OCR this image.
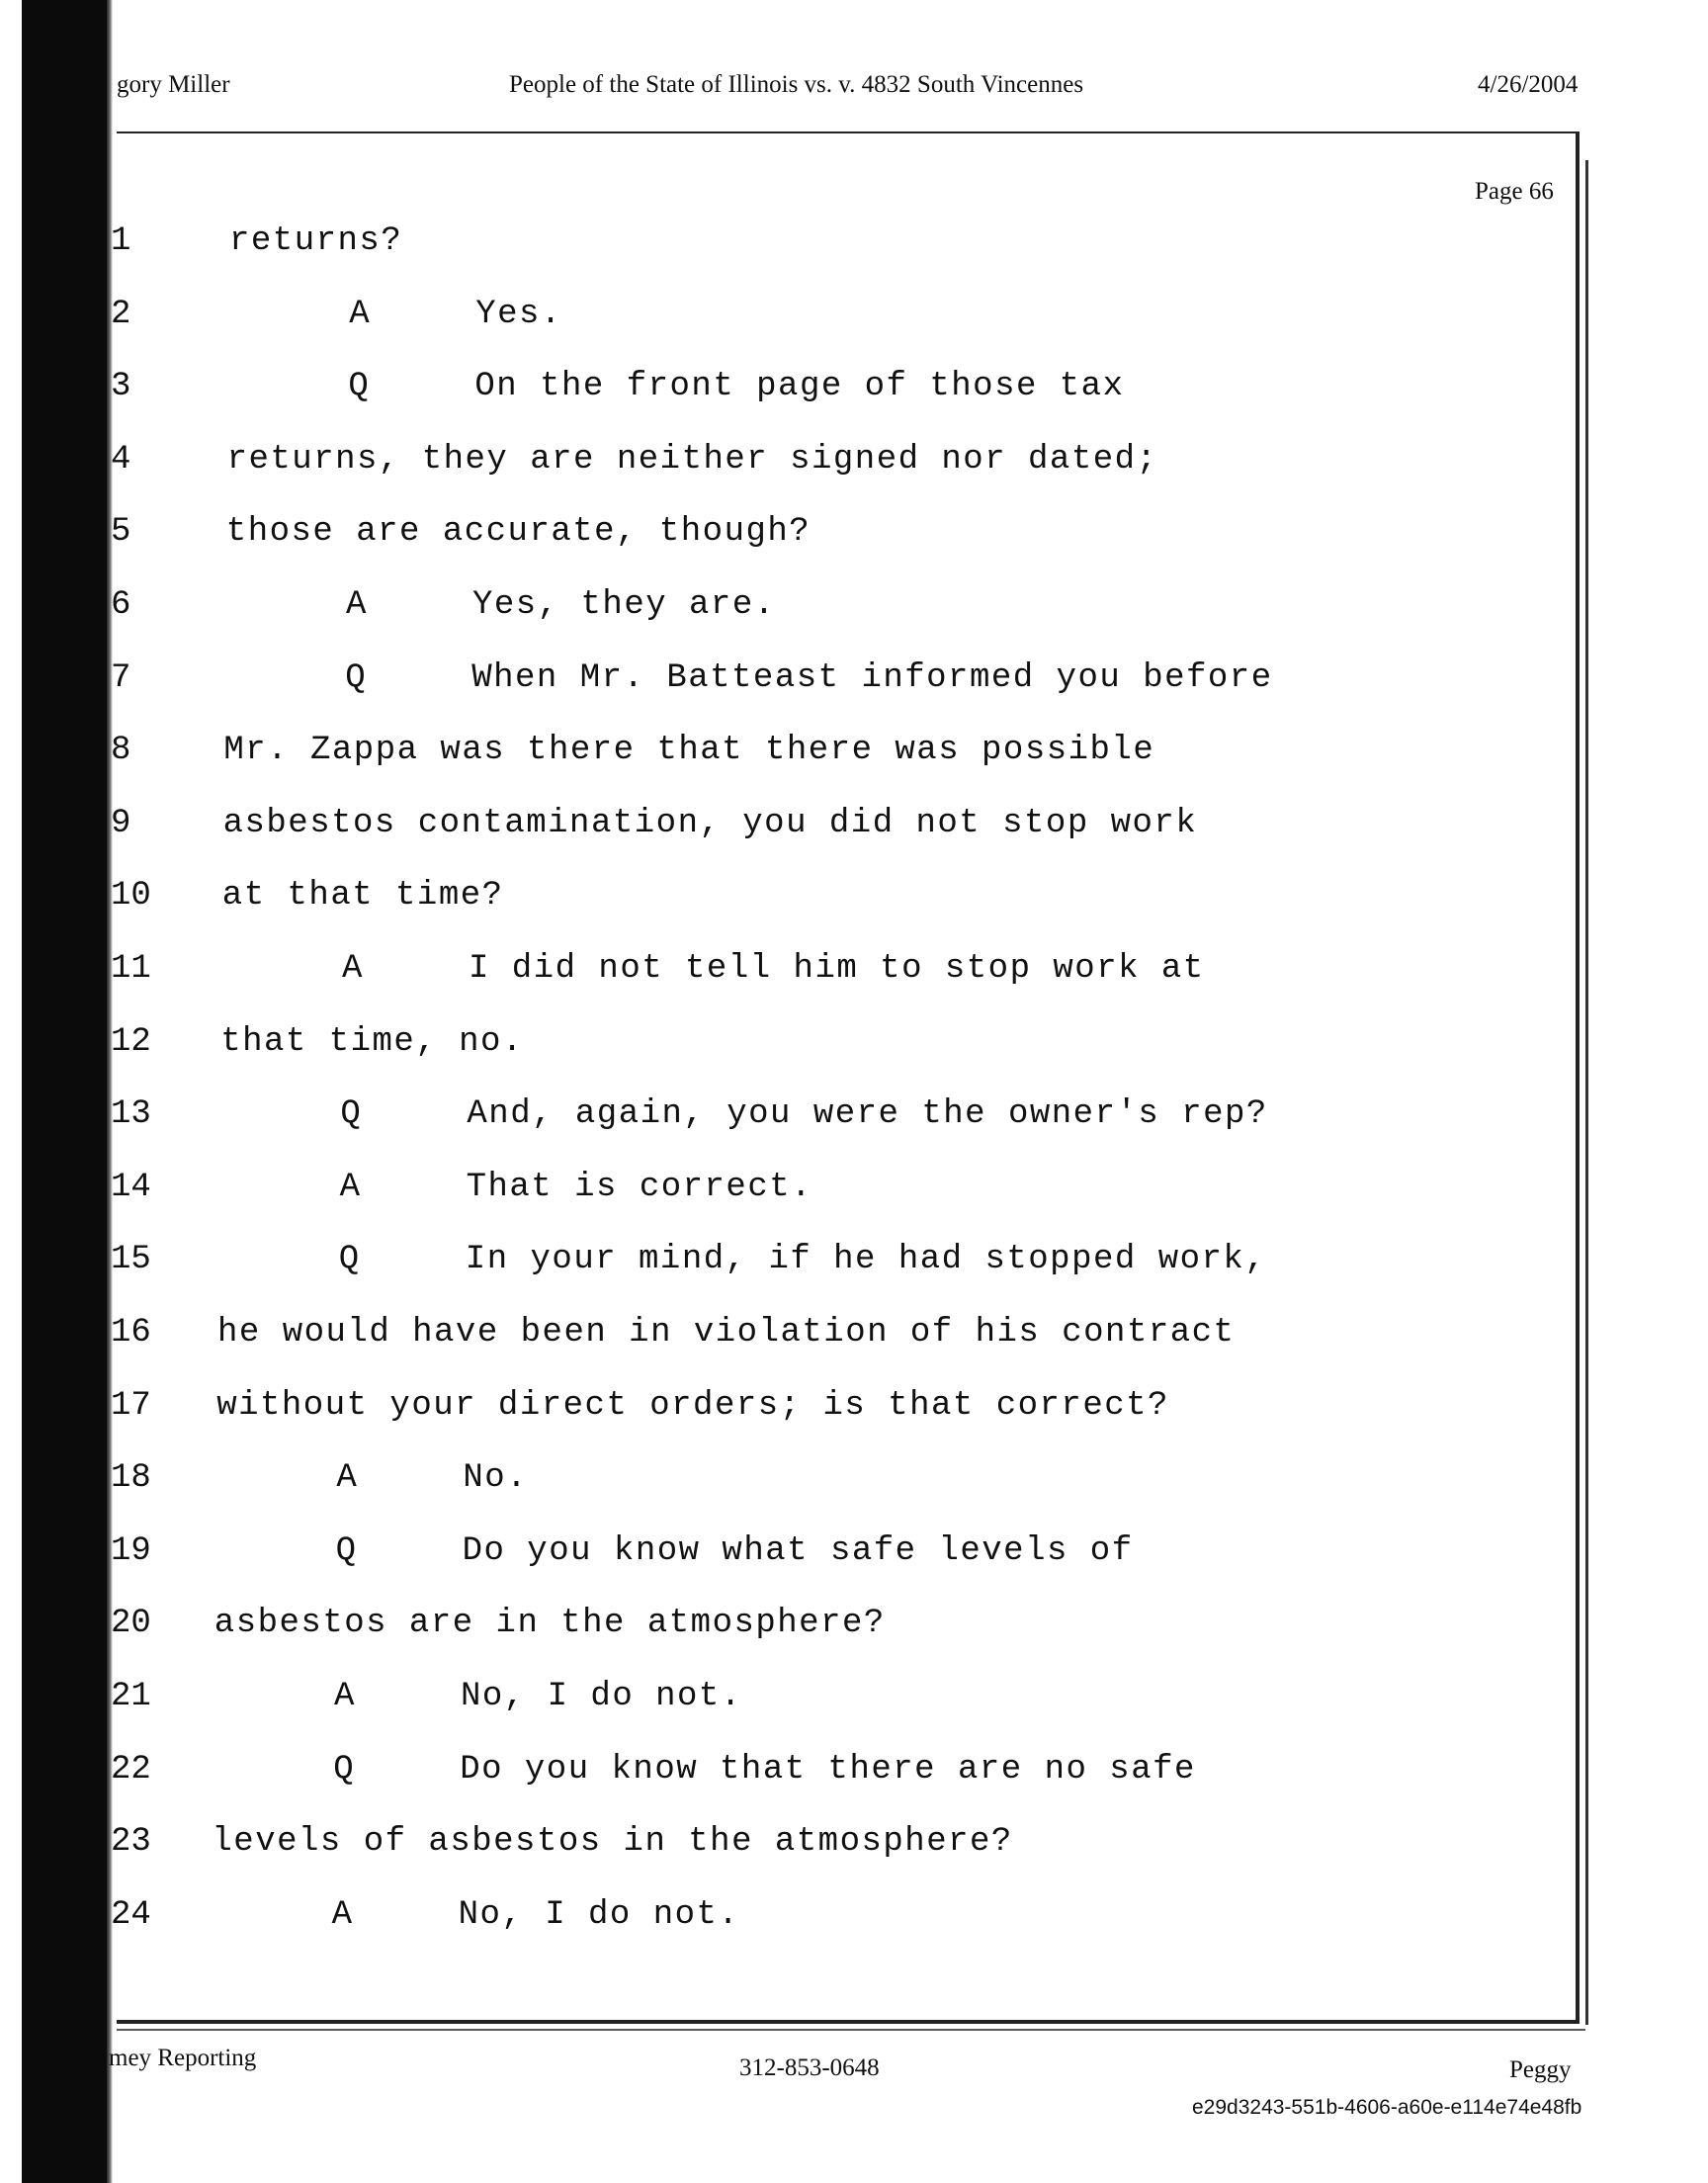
gory Miller	People of the State of Illinois vs. v. 4832 South Vincennes	4/26/2004
Page 66
1	returns?
2	A	Yes.
3	Q	On the front page of those tax
4	returns, they are neither signed nor dated;
5	those are accurate, though?
6	A	Yes, they are.
7	Q	When Mr. Batteast informed you before
8	Mr. Zappa was there that there was possible
9	asbestos contamination, you did not stop work
10 at that time?
11	A	I did not tell him to stop work at
12 that time, no.
13	Q	And, again, you were the owner's rep?
14	A	That is correct.
15	Q	In your mind, if he had stopped work,
16 he would have been in violation of his contract
17 without your direct orders; is that correct?
18	A	No.
19	Q	Do you know what safe levels of
20 asbestos are in the atmosphere?
21	A	No, I do not.
22	Q	Do you know that there are no safe
23 levels of asbestos in the atmosphere?
24	A	No, I do not.
mey Reporting	312-853-0648	Peggy
e29d3243-551b-4606-a60e-e114e74e48fb
